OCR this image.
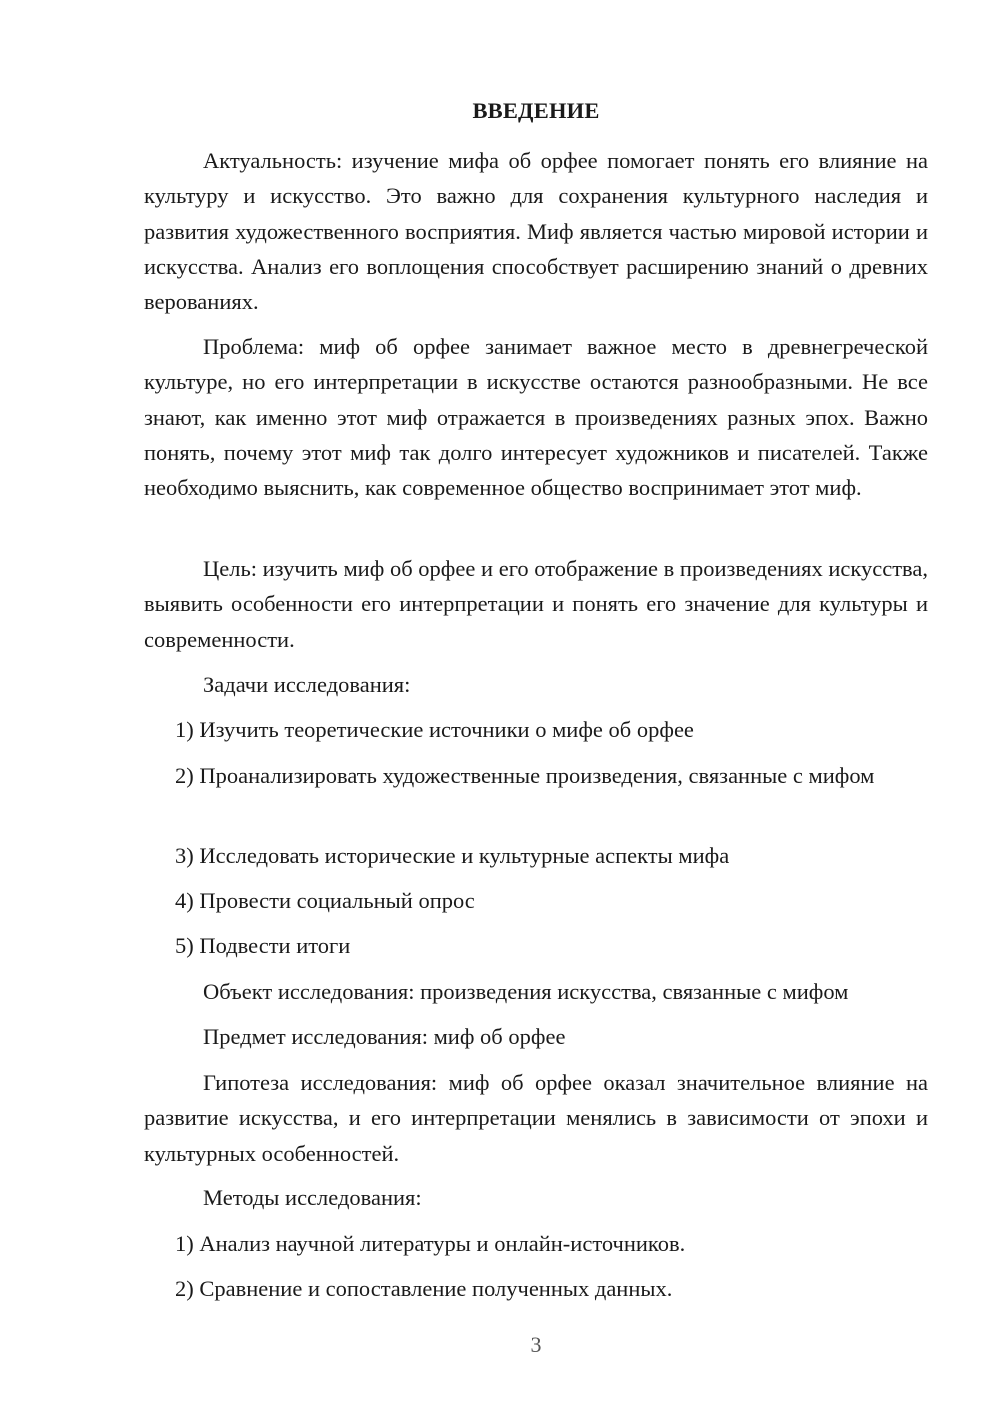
ВВЕДЕНИЕ

Актуальность: изучение мифа об орфее помогает понять его влияние на культуру и искусство. Это важно для сохранения культурного наследия и развития художественного восприятия. Миф является частью мировой истории и искусства. Анализ его воплощения способствует расширению знаний о древних верованиях.

Проблема: миф об орфее занимает важное место в древнегреческой культуре, но его интерпретации в искусстве остаются разнообразными. Не все знают, как именно этот миф отражается в произведениях разных эпох. Важно понять, почему этот миф так долго интересует художников и писателей. Также необходимо выяснить, как современное общество воспринимает этот миф.

Цель: изучить миф об орфее и его отображение в произведениях искусства, выявить особенности его интерпретации и понять его значение для культуры и современности.

Задачи исследования:

1) Изучить теоретические источники о мифе об орфее

2) Проанализировать художественные произведения, связанные с мифом

3) Исследовать исторические и культурные аспекты мифа

4) Провести социальный опрос

5) Подвести итоги

Объект исследования: произведения искусства, связанные с мифом

Предмет исследования: миф об орфее

Гипотеза исследования: миф об орфее оказал значительное влияние на развитие искусства, и его интерпретации менялись в зависимости от эпохи и культурных особенностей.

Методы исследования:

1) Анализ научной литературы и онлайн-источников.

2) Сравнение и сопоставление полученных данных.

3
